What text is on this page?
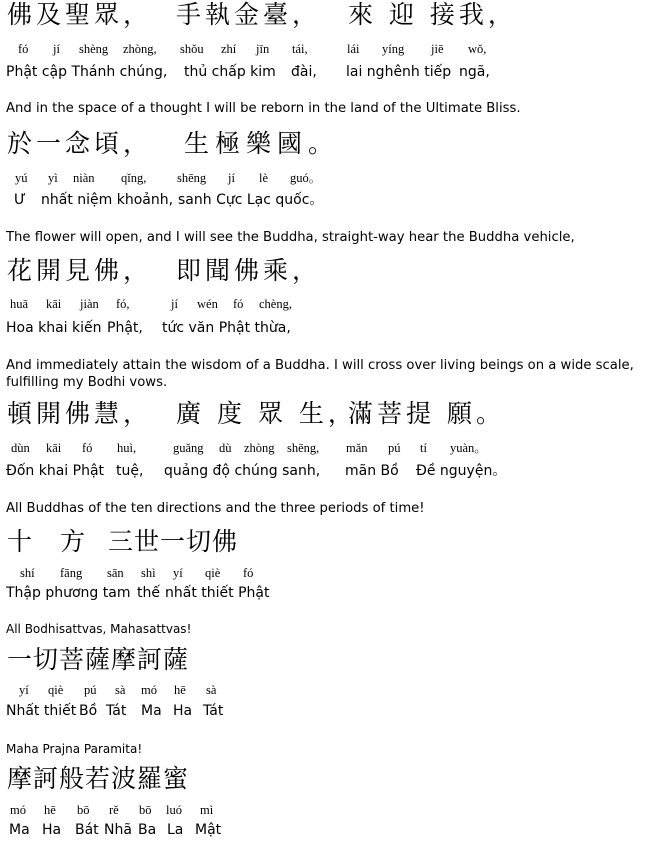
佛及聖眾， 手執金臺， 來 迎 接我，
fó jí shèng zhòng, shǒu zhí jīn tái,	lái yíng jiē wǒ,
Phật cập Thánh chúng, thủ chấp kim đài, lai nghênh tiếp ngã,
And in the space of a thought I will be reborn in the land of the Ultimate Bliss.
於一念頃， 生極樂國。
yú yì niàn qǐng, shēng jí lè guó。
Ư nhất niệm khoảnh, sanh Cực Lạc quốc。
The flower will open, and I will see the Buddha, straight-way hear the Buddha vehicle,
花開見佛， 即聞佛乘，
huā kāi jiàn fó,	jí wén fó chèng,
Hoa khai kiến Phật, tức văn Phật thừa,
And immediately attain the wisdom of a Buddha. I will cross over living beings on a wide scale,
fulfilling my Bodhi vows.
頓開佛慧， 廣 度 眾 生，
滿菩提 願。
dùn kāi fó huì,	guǎng dù zhòng shēng, mǎn pú tí yuàn。
Đốn khai Phật tuệ, quảng độ chúng sanh, mãn Bồ Đề nguyện。
All Buddhas of the ten directions and the three periods of time!
十 方 三世一切佛
shí fāng sān shì yí qiè fó
Thập phương tam thế nhất thiết Phật
All Bodhisattvas, Mahasattvas!
一切菩薩摩訶薩
yí qiè pú sà mó hē sà
Nhất thiết Bồ Tát Ma Ha Tát
Maha Prajna Paramita!
摩訶般若波羅蜜
mó hē bō rě bō luó mì
Ma Ha Bát Nhã Ba La Mật
